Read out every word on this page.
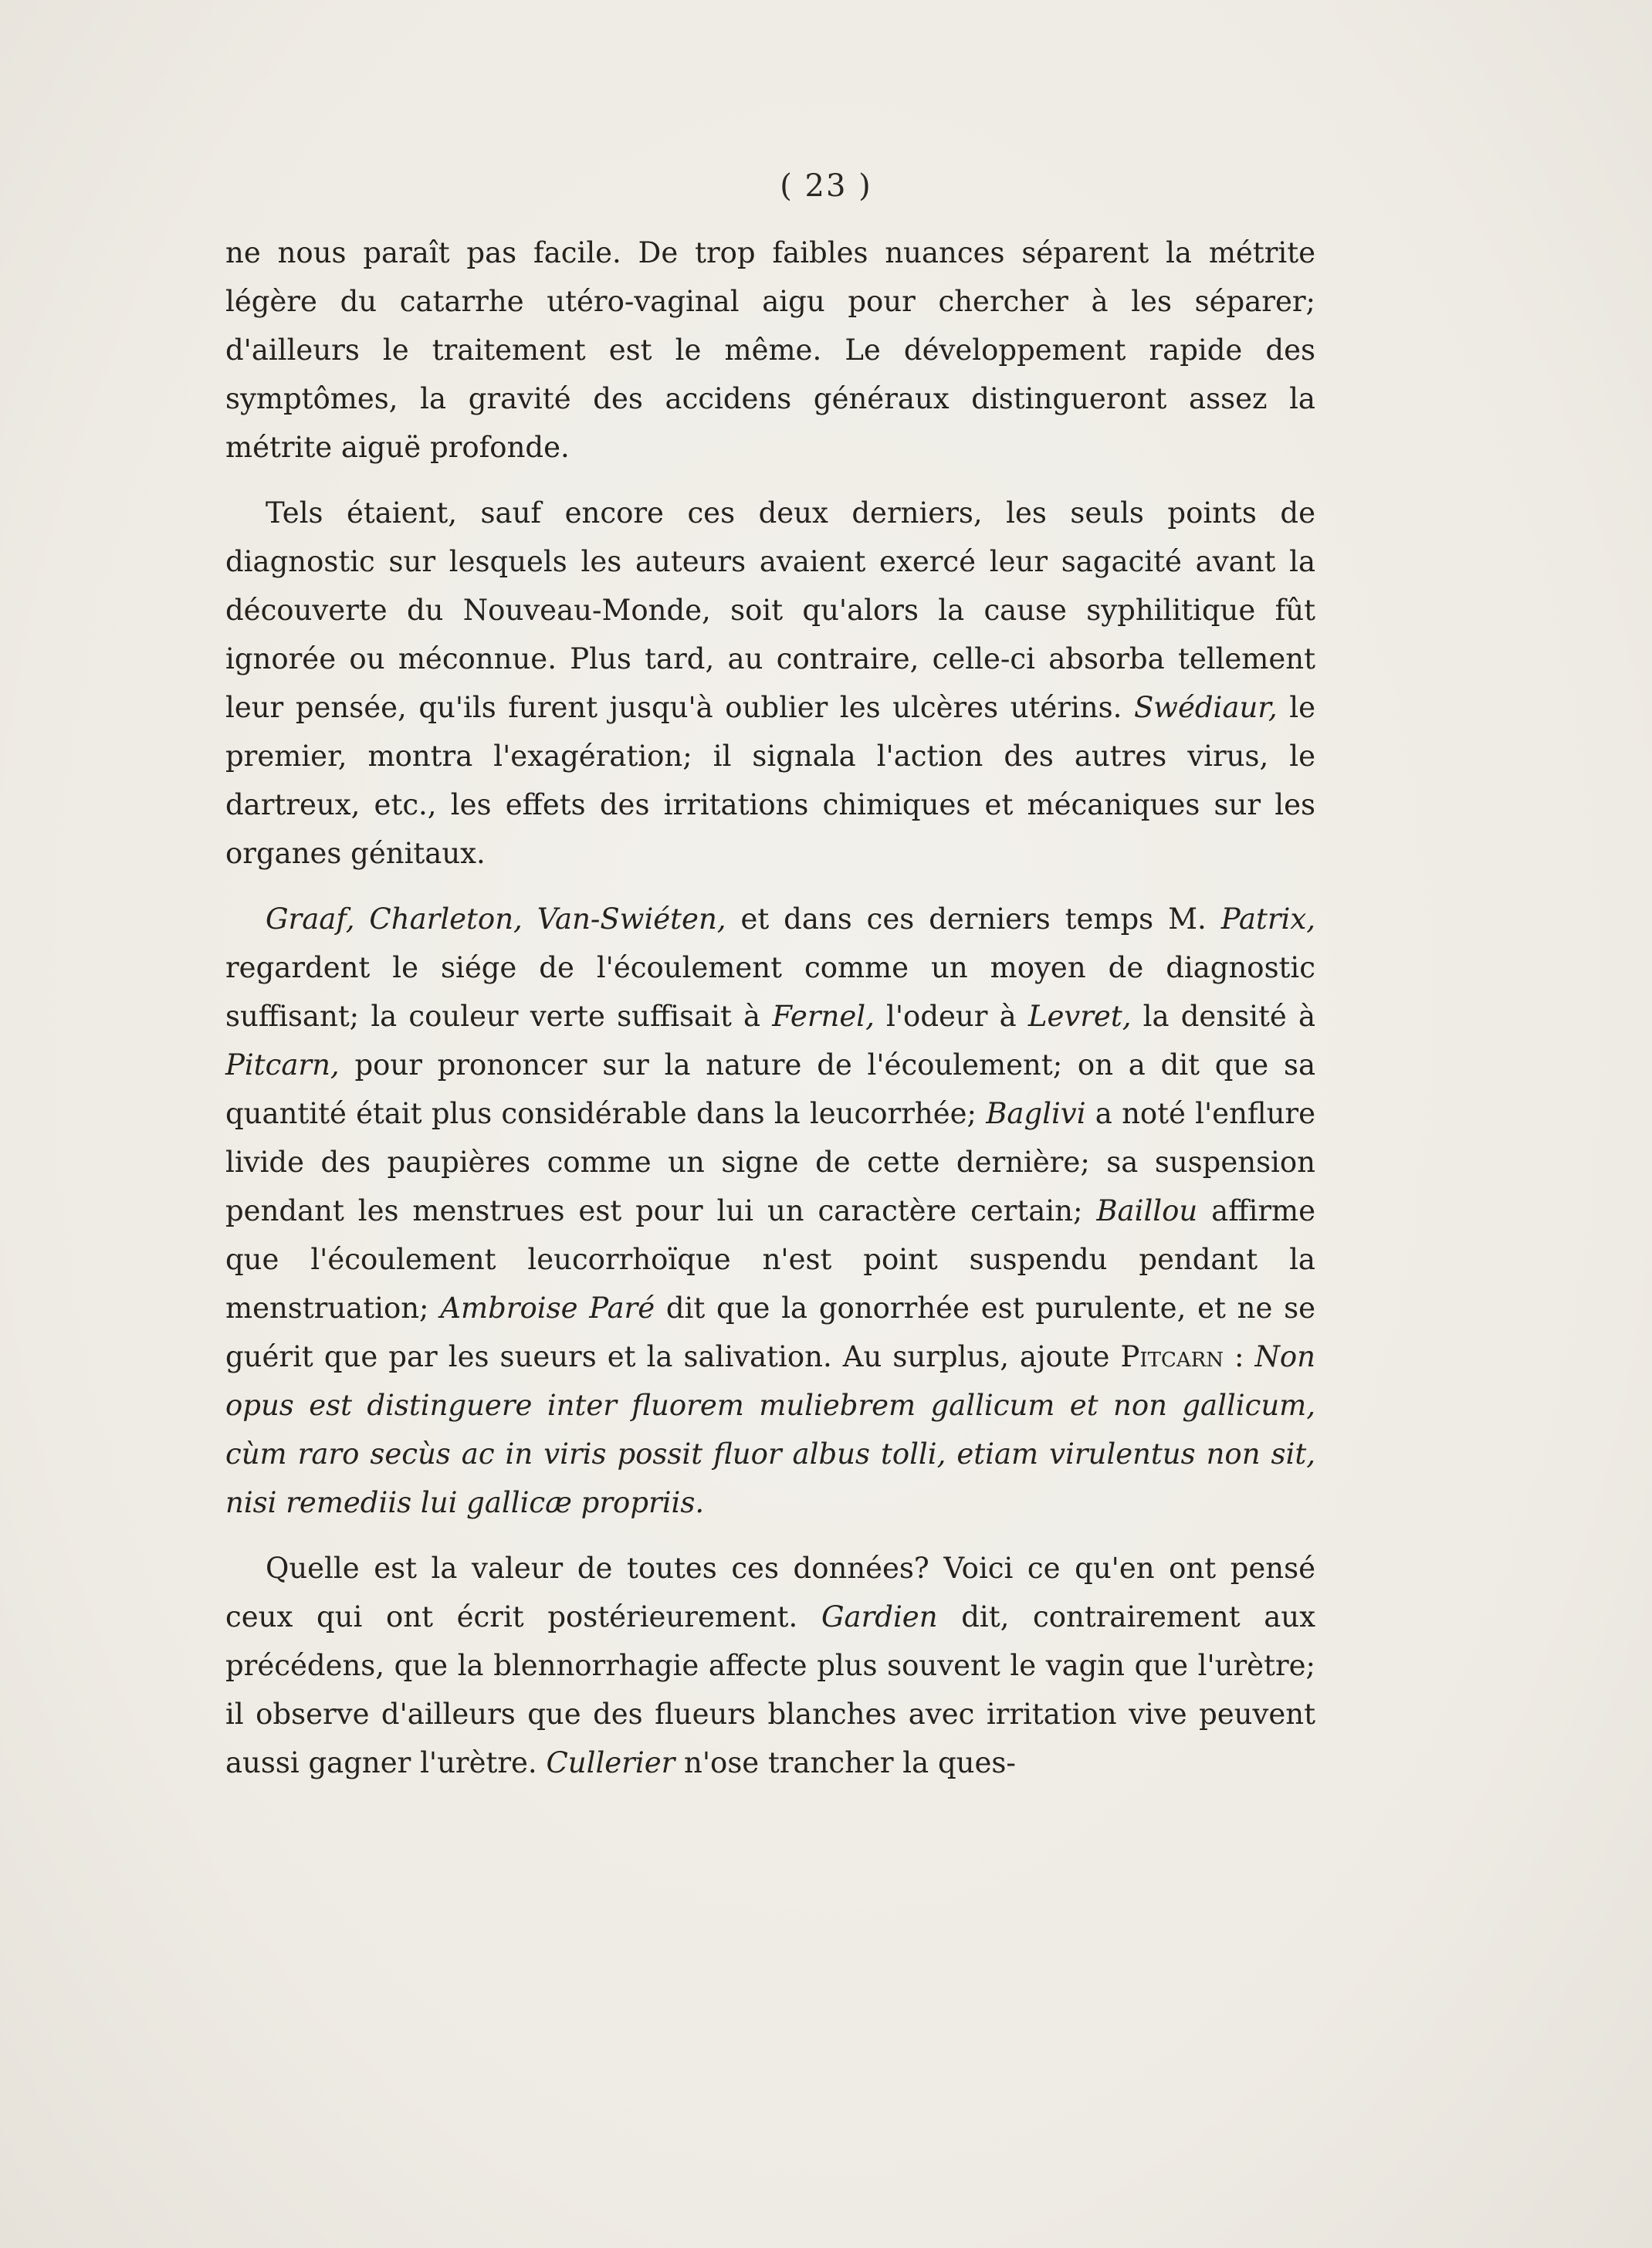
( 23 )

ne nous paraît pas facile. De trop faibles nuances séparent la métrite légère du catarrhe utéro-vaginal aigu pour chercher à les séparer; d'ailleurs le traitement est le même. Le développement rapide des symptômes, la gravité des accidens généraux distingueront assez la métrite aiguë profonde.

Tels étaient, sauf encore ces deux derniers, les seuls points de diagnostic sur lesquels les auteurs avaient exercé leur sagacité avant la découverte du Nouveau-Monde, soit qu'alors la cause syphilitique fût ignorée ou méconnue. Plus tard, au contraire, celle-ci absorba tellement leur pensée, qu'ils furent jusqu'à oublier les ulcères utérins. Swédiaur, le premier, montra l'exagération; il signala l'action des autres virus, le dartreux, etc., les effets des irritations chimiques et mécaniques sur les organes génitaux.

Graaf, Charleton, Van-Swiéten, et dans ces derniers temps M. Patrix, regardent le siége de l'écoulement comme un moyen de diagnostic suffisant; la couleur verte suffisait à Fernel, l'odeur à Levret, la densité à Pitcarn, pour prononcer sur la nature de l'écoulement; on a dit que sa quantité était plus considérable dans la leucorrhée; Baglivi a noté l'enflure livide des paupières comme un signe de cette dernière; sa suspension pendant les menstrues est pour lui un caractère certain; Baillou affirme que l'écoulement leucorrhoïque n'est point suspendu pendant la menstruation; Ambroise Paré dit que la gonorrhée est purulente, et ne se guérit que par les sueurs et la salivation. Au surplus, ajoute Pitcarn : Non opus est distinguere inter fluorem muliebrem gallicum et non gallicum, cùm raro secùs ac in viris possit fluor albus tolli, etiam virulentus non sit, nisi remediis lui gallicæ propriis.

Quelle est la valeur de toutes ces données? Voici ce qu'en ont pensé ceux qui ont écrit postérieurement. Gardien dit, contrairement aux précédens, que la blennorrhagie affecte plus souvent le vagin que l'urètre; il observe d'ailleurs que des flueurs blanches avec irritation vive peuvent aussi gagner l'urètre. Cullerier n'ose trancher la ques-
